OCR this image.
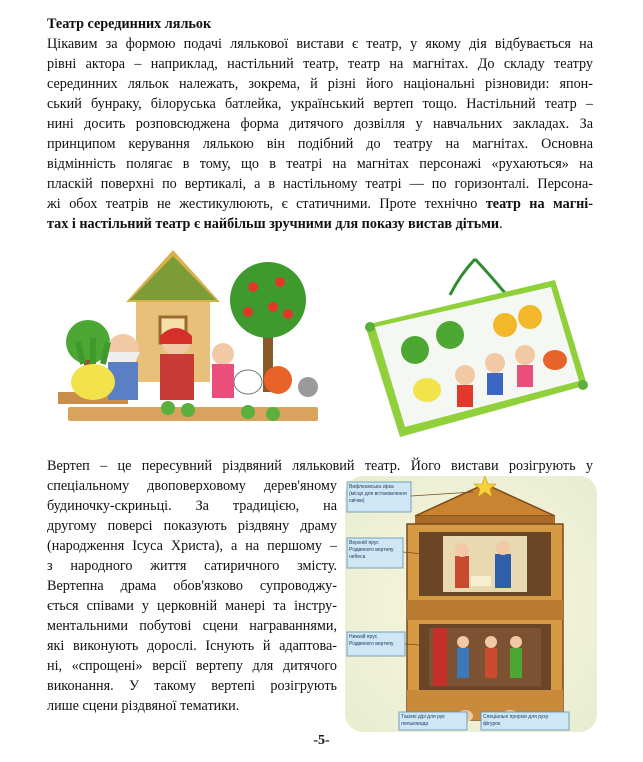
Театр серединних ляльок
Цікавим за формою подачі лялькової вистави є театр, у якому дія відбувається на
рівні актора – наприклад, настільний театр, театр на магнітах. До складу театру
серединних ляльок належать, зокрема, й різні його національні різновиди: япон-
ський бунраку, білоруська батлейка, український вертеп тощо. Настільний театр –
нині досить розповсюджена форма дитячого дозвілля у навчальних закладах. За
принципом керування лялькою він подібний до театру на магнітах. Основна
відмінність полягає в тому, що в театрі на магнітах персонажі «рухаються» на
пласкій поверхні по вертикалі, а в настільному театрі — по горизонталі. Персона-
жі обох театрів не жестикулюють, є статичними. Проте технічно театр на магні-
тах і настільний театр є найбільш зручними для показу вистав дітьми.
Вертеп – це пересувний різдвяний ляльковий театр. Його вистави розігрують у
спеціальному двоповерховому дерев'яному
будиночку-скриньці. За традицією, на
другому поверсі показують різдвяну драму
(народження Ісуса Христа), а на першому –
з народного життя сатиричного змісту.
Вертепна драма обов'язково супроводжу-
ється співами у церковній манері та інстру-
ментальними побутові сцени награваннями,
які виконують дорослі. Існують й адаптова-
ні, «спрощені» версії вертепу для дитячого
виконання. У такому вертепі розігрують
лише сцени різдвяної тематики.
Вифлеємська зірка (місце для встановлення свічки)
Верхній ярус Різдвяного вертепу небеса
Нижній ярус Різдвяного вертепу
Таємні дірі для рук ляльковода
Спеціальні прорізи для руху фігурок
-5-
